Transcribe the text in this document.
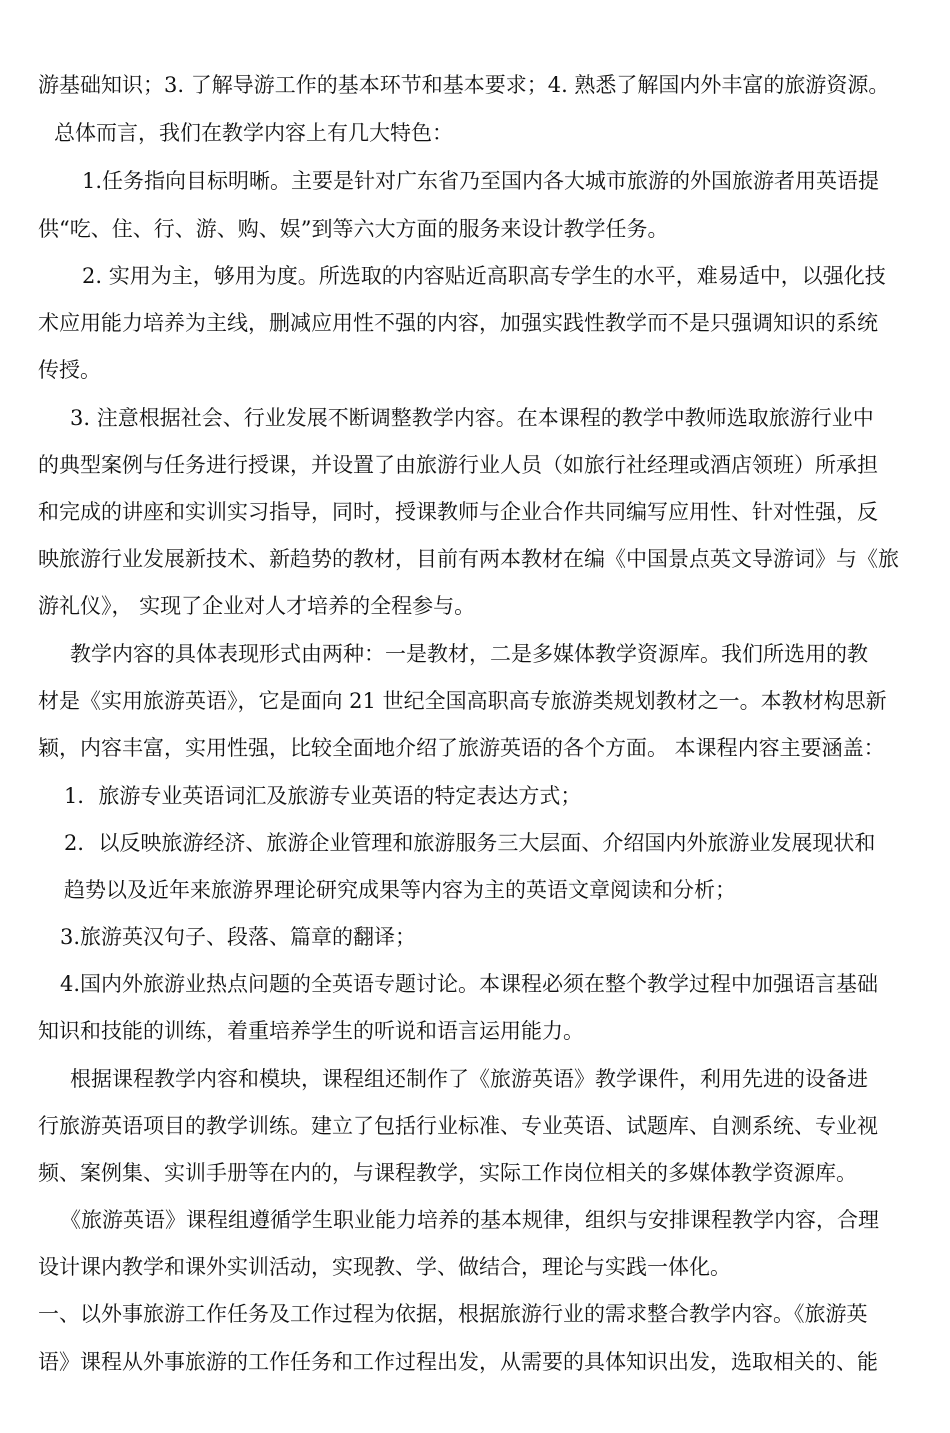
游基础知识；3. 了解导游工作的基本环节和基本要求；4. 熟悉了解国内外丰富的旅游资源。
总体而言，我们在教学内容上有几大特色：
1.任务指向目标明晰。主要是针对广东省乃至国内各大城市旅游的外国旅游者用英语提
供“吃、住、行、游、购、娱”到等六大方面的服务来设计教学任务。
2. 实用为主，够用为度。所选取的内容贴近高职高专学生的水平，难易适中，以强化技
术应用能力培养为主线，删减应用性不强的内容，加强实践性教学而不是只强调知识的系统
传授。
3. 注意根据社会、行业发展不断调整教学内容。在本课程的教学中教师选取旅游行业中
的典型案例与任务进行授课，并设置了由旅游行业人员（如旅行社经理或酒店领班）所承担
和完成的讲座和实训实习指导，同时，授课教师与企业合作共同编写应用性、针对性强，反
映旅游行业发展新技术、新趋势的教材，目前有两本教材在编《中国景点英文导游词》与《旅
游礼仪》， 实现了企业对人才培养的全程参与。
教学内容的具体表现形式由两种：一是教材，二是多媒体教学资源库。我们所选用的教
材是《实用旅游英语》，它是面向 21 世纪全国高职高专旅游类规划教材之一。本教材构思新
颖，内容丰富，实用性强，比较全面地介绍了旅游英语的各个方面。 本课程内容主要涵盖：
1．旅游专业英语词汇及旅游专业英语的特定表达方式；
2．以反映旅游经济、旅游企业管理和旅游服务三大层面、介绍国内外旅游业发展现状和
趋势以及近年来旅游界理论研究成果等内容为主的英语文章阅读和分析；
3.旅游英汉句子、段落、篇章的翻译；
4.国内外旅游业热点问题的全英语专题讨论。本课程必须在整个教学过程中加强语言基础
知识和技能的训练，着重培养学生的听说和语言运用能力。
根据课程教学内容和模块，课程组还制作了《旅游英语》教学课件，利用先进的设备进
行旅游英语项目的教学训练。建立了包括行业标准、专业英语、试题库、自测系统、专业视
频、案例集、实训手册等在内的，与课程教学，实际工作岗位相关的多媒体教学资源库。
《旅游英语》课程组遵循学生职业能力培养的基本规律，组织与安排课程教学内容，合理
设计课内教学和课外实训活动，实现教、学、做结合，理论与实践一体化。
一、以外事旅游工作任务及工作过程为依据，根据旅游行业的需求整合教学内容。《旅游英
语》课程从外事旅游的工作任务和工作过程出发，从需要的具体知识出发，选取相关的、能
